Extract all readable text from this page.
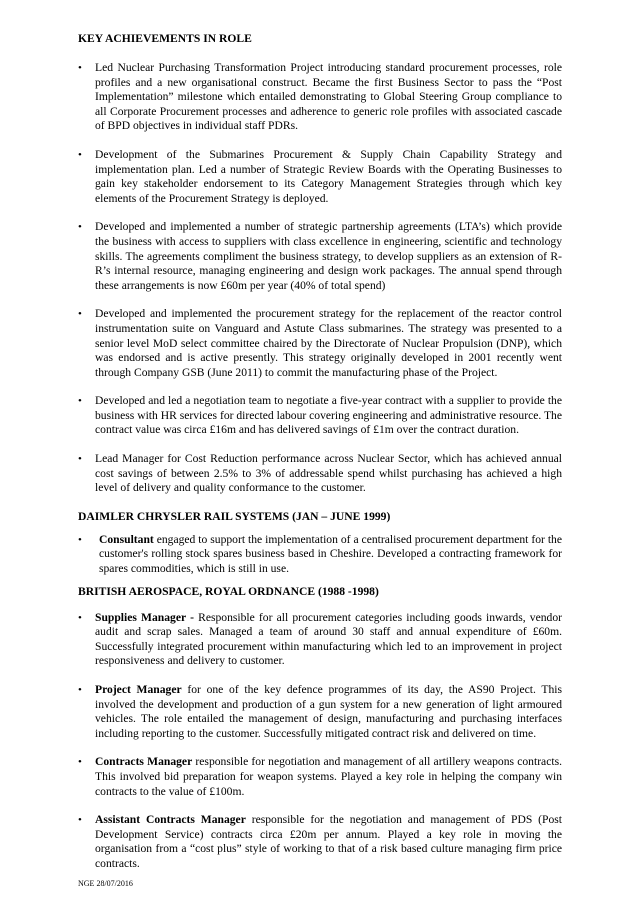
KEY ACHIEVEMENTS IN ROLE
• Led Nuclear Purchasing Transformation Project introducing standard procurement processes, role profiles and a new organisational construct. Became the first Business Sector to pass the “Post Implementation” milestone which entailed demonstrating to Global Steering Group compliance to all Corporate Procurement processes and adherence to generic role profiles with associated cascade of BPD objectives in individual staff PDRs.
• Development of the Submarines Procurement & Supply Chain Capability Strategy and implementation plan. Led a number of Strategic Review Boards with the Operating Businesses to gain key stakeholder endorsement to its Category Management Strategies through which key elements of the Procurement Strategy is deployed.
• Developed and implemented a number of strategic partnership agreements (LTA’s) which provide the business with access to suppliers with class excellence in engineering, scientific and technology skills. The agreements compliment the business strategy, to develop suppliers as an extension of R-R’s internal resource, managing engineering and design work packages. The annual spend through these arrangements is now £60m per year (40% of total spend)
• Developed and implemented the procurement strategy for the replacement of the reactor control instrumentation suite on Vanguard and Astute Class submarines. The strategy was presented to a senior level MoD select committee chaired by the Directorate of Nuclear Propulsion (DNP), which was endorsed and is active presently. This strategy originally developed in 2001 recently went through Company GSB (June 2011) to commit the manufacturing phase of the Project.
• Developed and led a negotiation team to negotiate a five-year contract with a supplier to provide the business with HR services for directed labour covering engineering and administrative resource. The contract value was circa £16m and has delivered savings of £1m over the contract duration.
• Lead Manager for Cost Reduction performance across Nuclear Sector, which has achieved annual cost savings of between 2.5% to 3% of addressable spend whilst purchasing has achieved a high level of delivery and quality conformance to the customer.
DAIMLER CHRYSLER RAIL SYSTEMS (JAN – JUNE 1999)
• Consultant engaged to support the implementation of a centralised procurement department for the customer's rolling stock spares business based in Cheshire. Developed a contracting framework for spares commodities, which is still in use.
BRITISH AEROSPACE, ROYAL ORDNANCE (1988 -1998)
• Supplies Manager - Responsible for all procurement categories including goods inwards, vendor audit and scrap sales. Managed a team of around 30 staff and annual expenditure of £60m. Successfully integrated procurement within manufacturing which led to an improvement in project responsiveness and delivery to customer.
• Project Manager for one of the key defence programmes of its day, the AS90 Project. This involved the development and production of a gun system for a new generation of light armoured vehicles. The role entailed the management of design, manufacturing and purchasing interfaces including reporting to the customer. Successfully mitigated contract risk and delivered on time.
• Contracts Manager responsible for negotiation and management of all artillery weapons contracts. This involved bid preparation for weapon systems. Played a key role in helping the company win contracts to the value of £100m.
• Assistant Contracts Manager responsible for the negotiation and management of PDS (Post Development Service) contracts circa £20m per annum. Played a key role in moving the organisation from a “cost plus” style of working to that of a risk based culture managing firm price contracts.
NGE 28/07/2016
